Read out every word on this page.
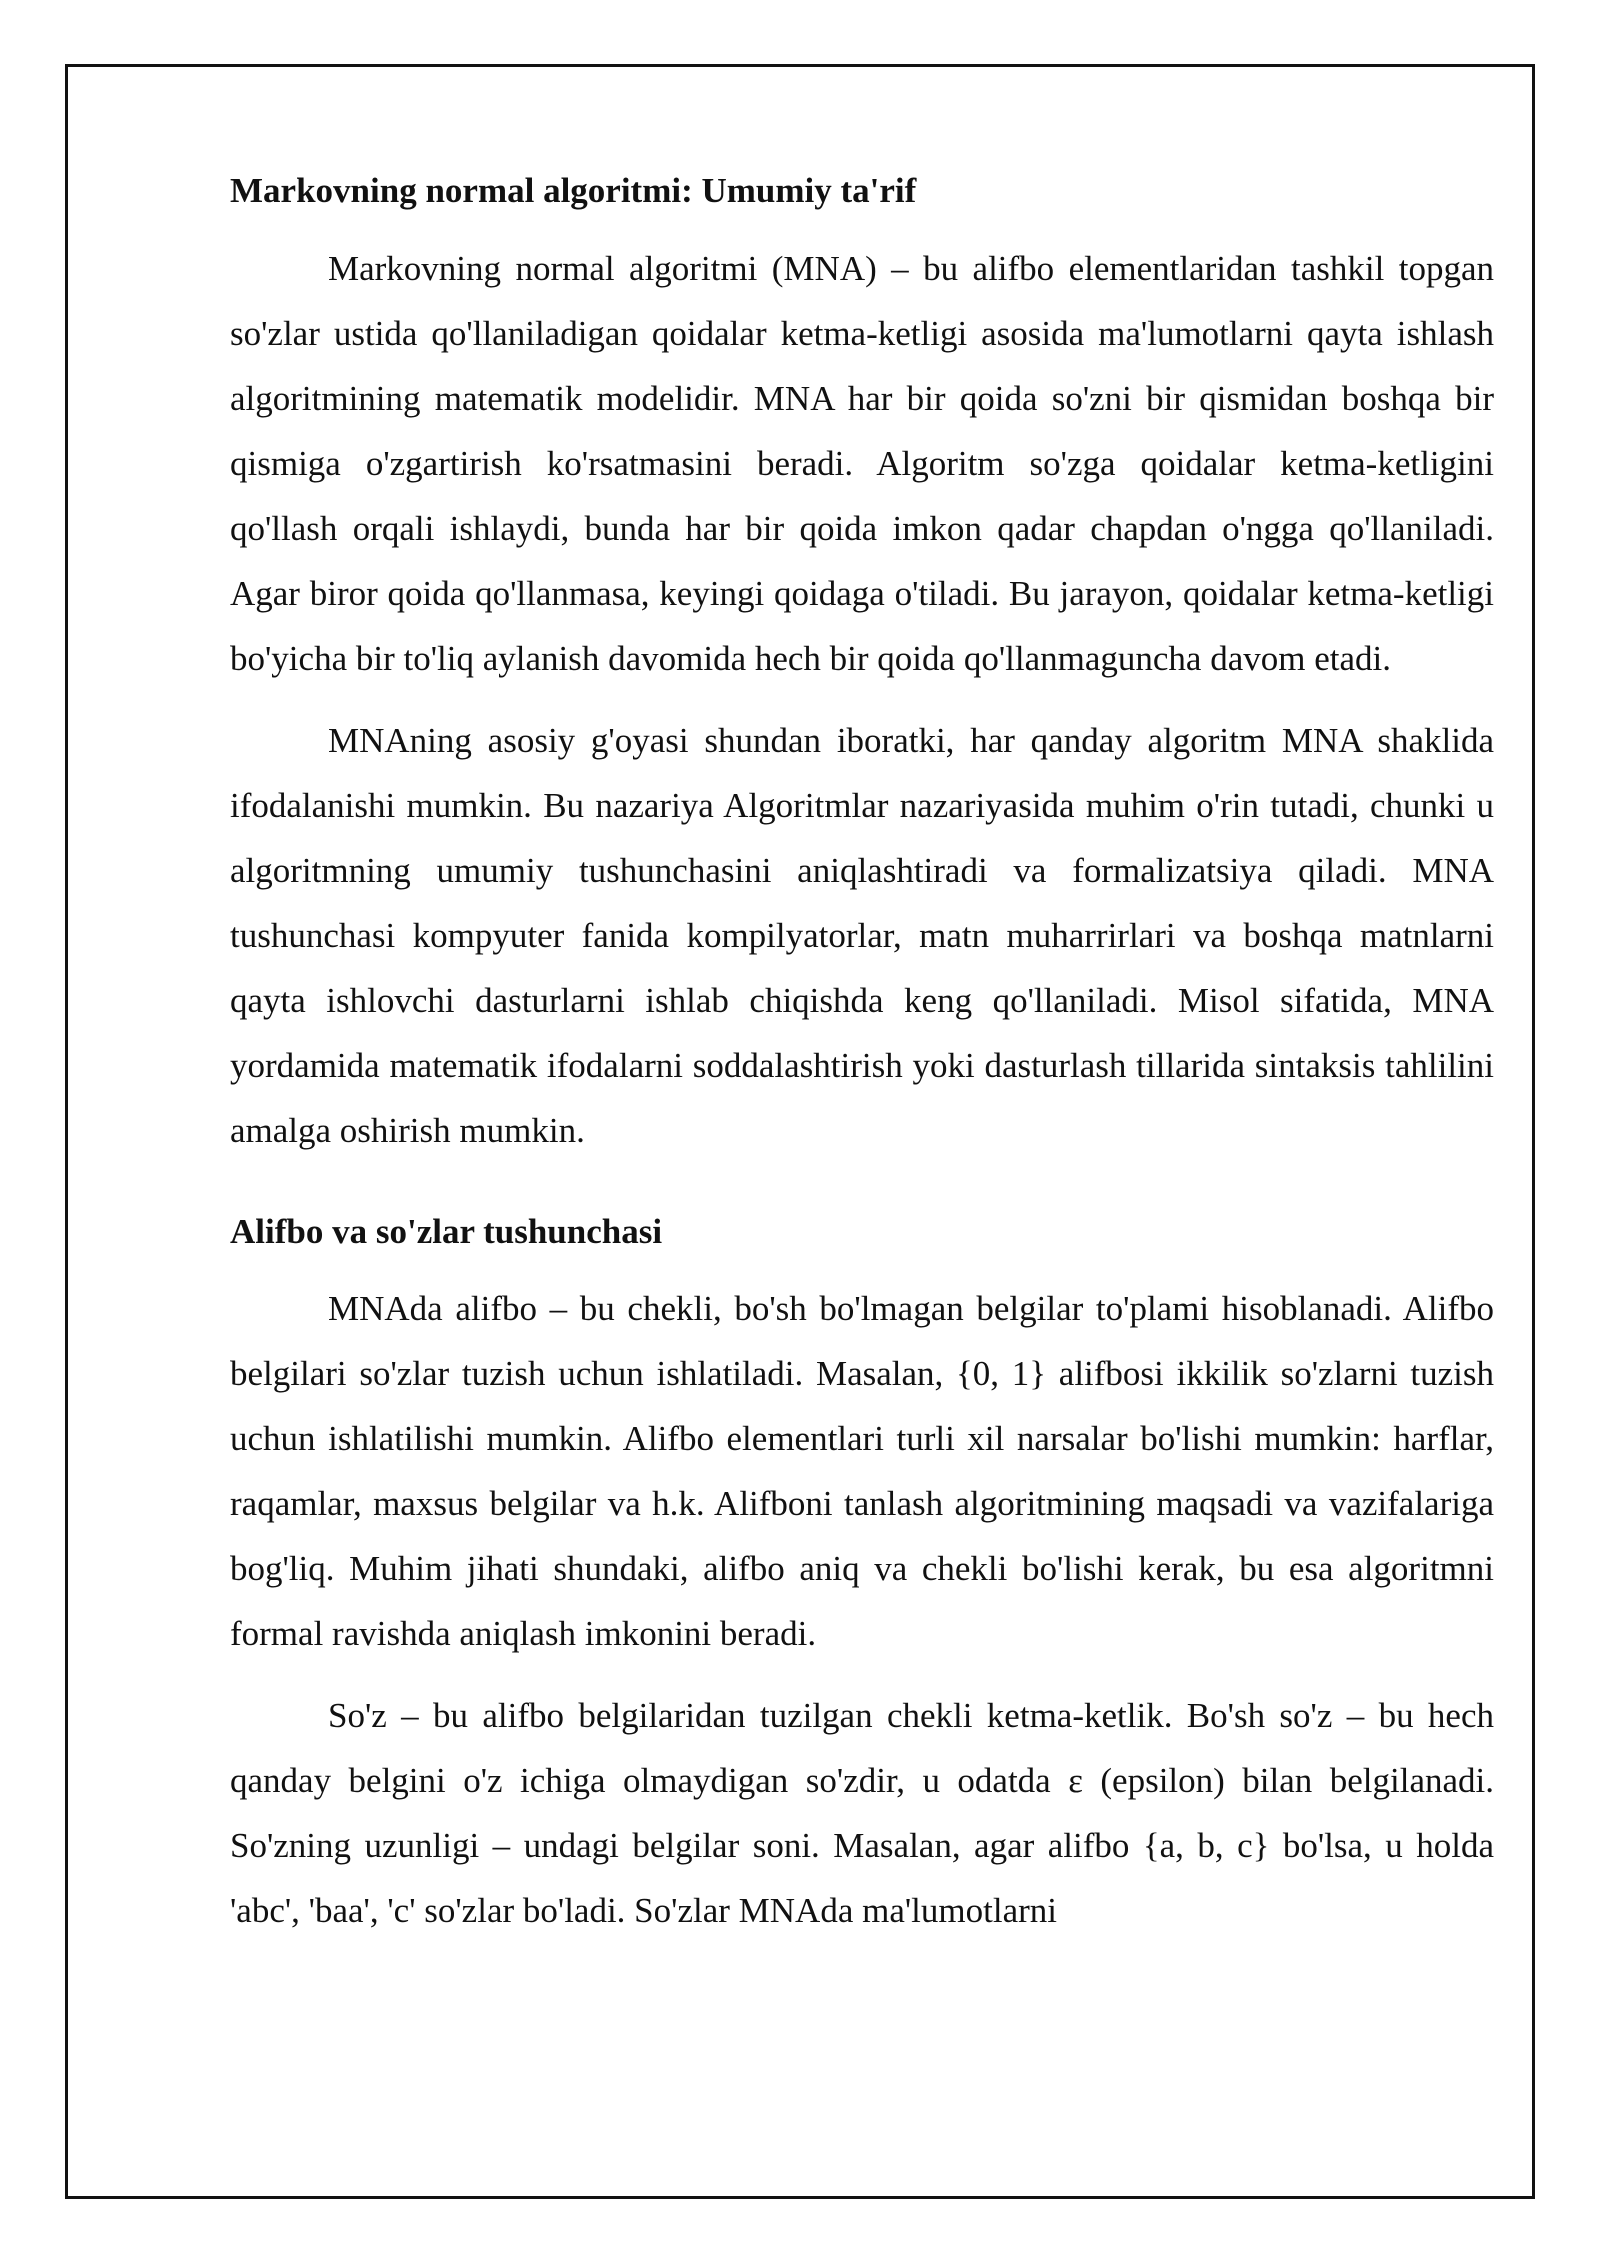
Markovning normal algoritmi: Umumiy ta'rif

Markovning normal algoritmi (MNA) – bu alifbo elementlaridan tashkil topgan so'zlar ustida qo'llaniladigan qoidalar ketma-ketligi asosida ma'lumotlarni qayta ishlash algoritmining matematik modelidir. MNA har bir qoida so'zni bir qismidan boshqa bir qismiga o'zgartirish ko'rsatmasini beradi. Algoritm so'zga qoidalar ketma-ketligini qo'llash orqali ishlaydi, bunda har bir qoida imkon qadar chapdan o'ngga qo'llaniladi. Agar biror qoida qo'llanmasa, keyingi qoidaga o'tiladi. Bu jarayon, qoidalar ketma-ketligi bo'yicha bir to'liq aylanish davomida hech bir qoida qo'llanmaguncha davom etadi.

MNAning asosiy g'oyasi shundan iboratki, har qanday algoritm MNA shaklida ifodalanishi mumkin. Bu nazariya Algoritmlar nazariyasida muhim o'rin tutadi, chunki u algoritmning umumiy tushunchasini aniqlashtiradi va formalizatsiya qiladi. MNA tushunchasi kompyuter fanida kompilyatorlar, matn muharrirlari va boshqa matnlarni qayta ishlovchi dasturlarni ishlab chiqishda keng qo'llaniladi. Misol sifatida, MNA yordamida matematik ifodalarni soddalashtirish yoki dasturlash tillarida sintaksis tahlilini amalga oshirish mumkin.

Alifbo va so'zlar tushunchasi

MNAda alifbo – bu chekli, bo'sh bo'lmagan belgilar to'plami hisoblanadi. Alifbo belgilari so'zlar tuzish uchun ishlatiladi. Masalan, {0, 1} alifbosi ikkilik so'zlarni tuzish uchun ishlatilishi mumkin. Alifbo elementlari turli xil narsalar bo'lishi mumkin: harflar, raqamlar, maxsus belgilar va h.k. Alifboni tanlash algoritmining maqsadi va vazifalariga bog'liq. Muhim jihati shundaki, alifbo aniq va chekli bo'lishi kerak, bu esa algoritmni formal ravishda aniqlash imkonini beradi.

So'z – bu alifbo belgilaridan tuzilgan chekli ketma-ketlik. Bo'sh so'z – bu hech qanday belgini o'z ichiga olmaydigan so'zdir, u odatda ε (epsilon) bilan belgilanadi. So'zning uzunligi – undagi belgilar soni. Masalan, agar alifbo {a, b, c} bo'lsa, u holda 'abc', 'baa', 'c' so'zlar bo'ladi. So'zlar MNAda ma'lumotlarni
